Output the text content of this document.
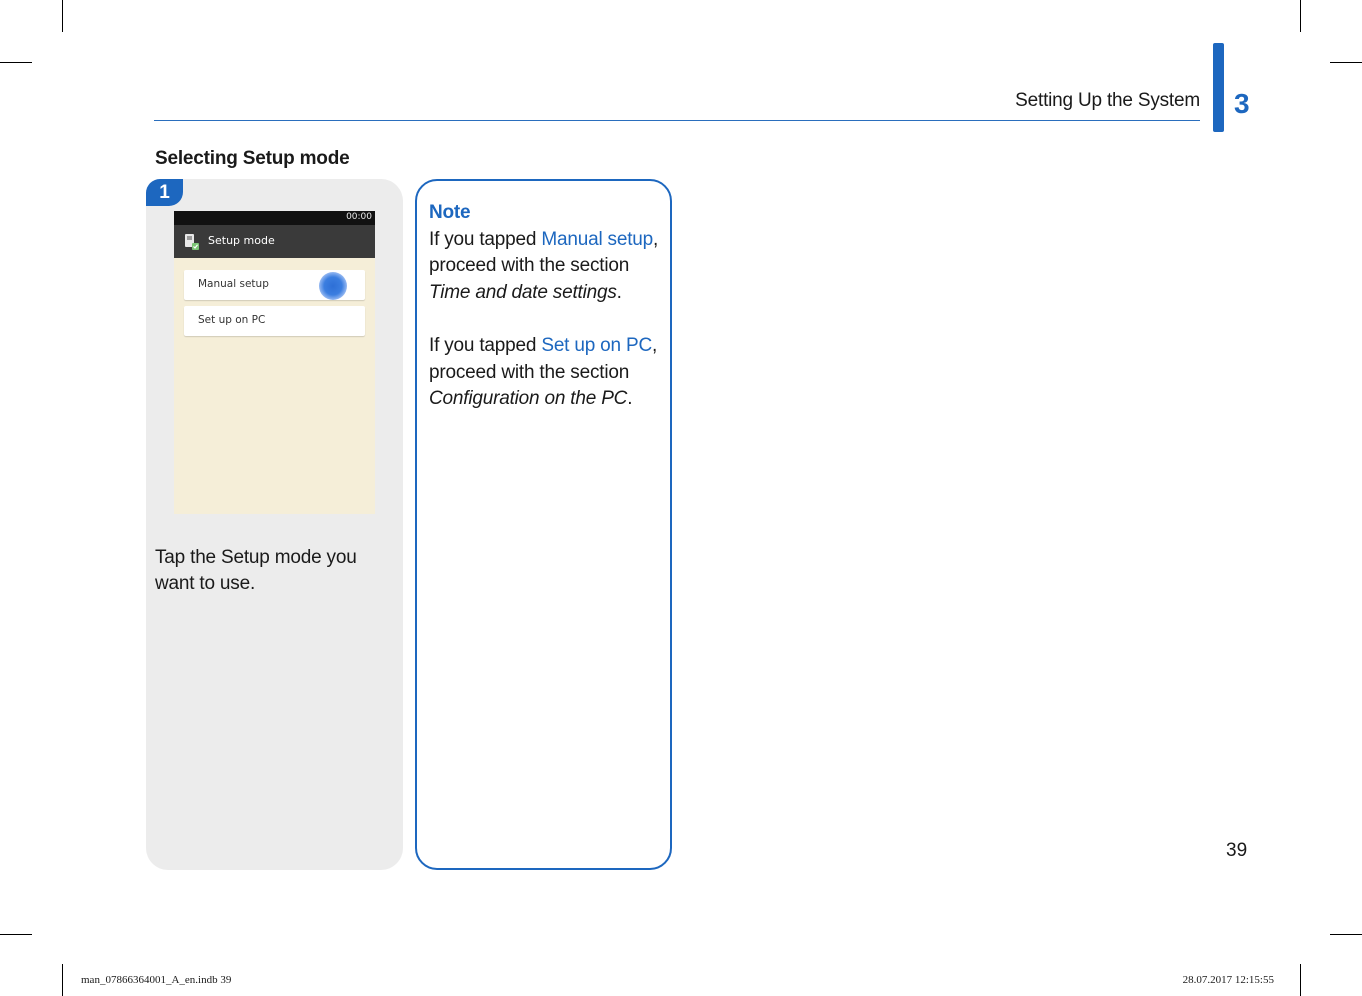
Setting Up the System 3
Selecting Setup mode
1
00:00
Setup mode
Manual setup
Set up on PC

Tap the Setup mode you want to use.

Note

If you tapped Manual setup, proceed with the section Time and date settings.

If you tapped Set up on PC, proceed with the section Configuration on the PC.

39
man_07866364001_A_en.indb 39	28.07.2017 12:15:55
